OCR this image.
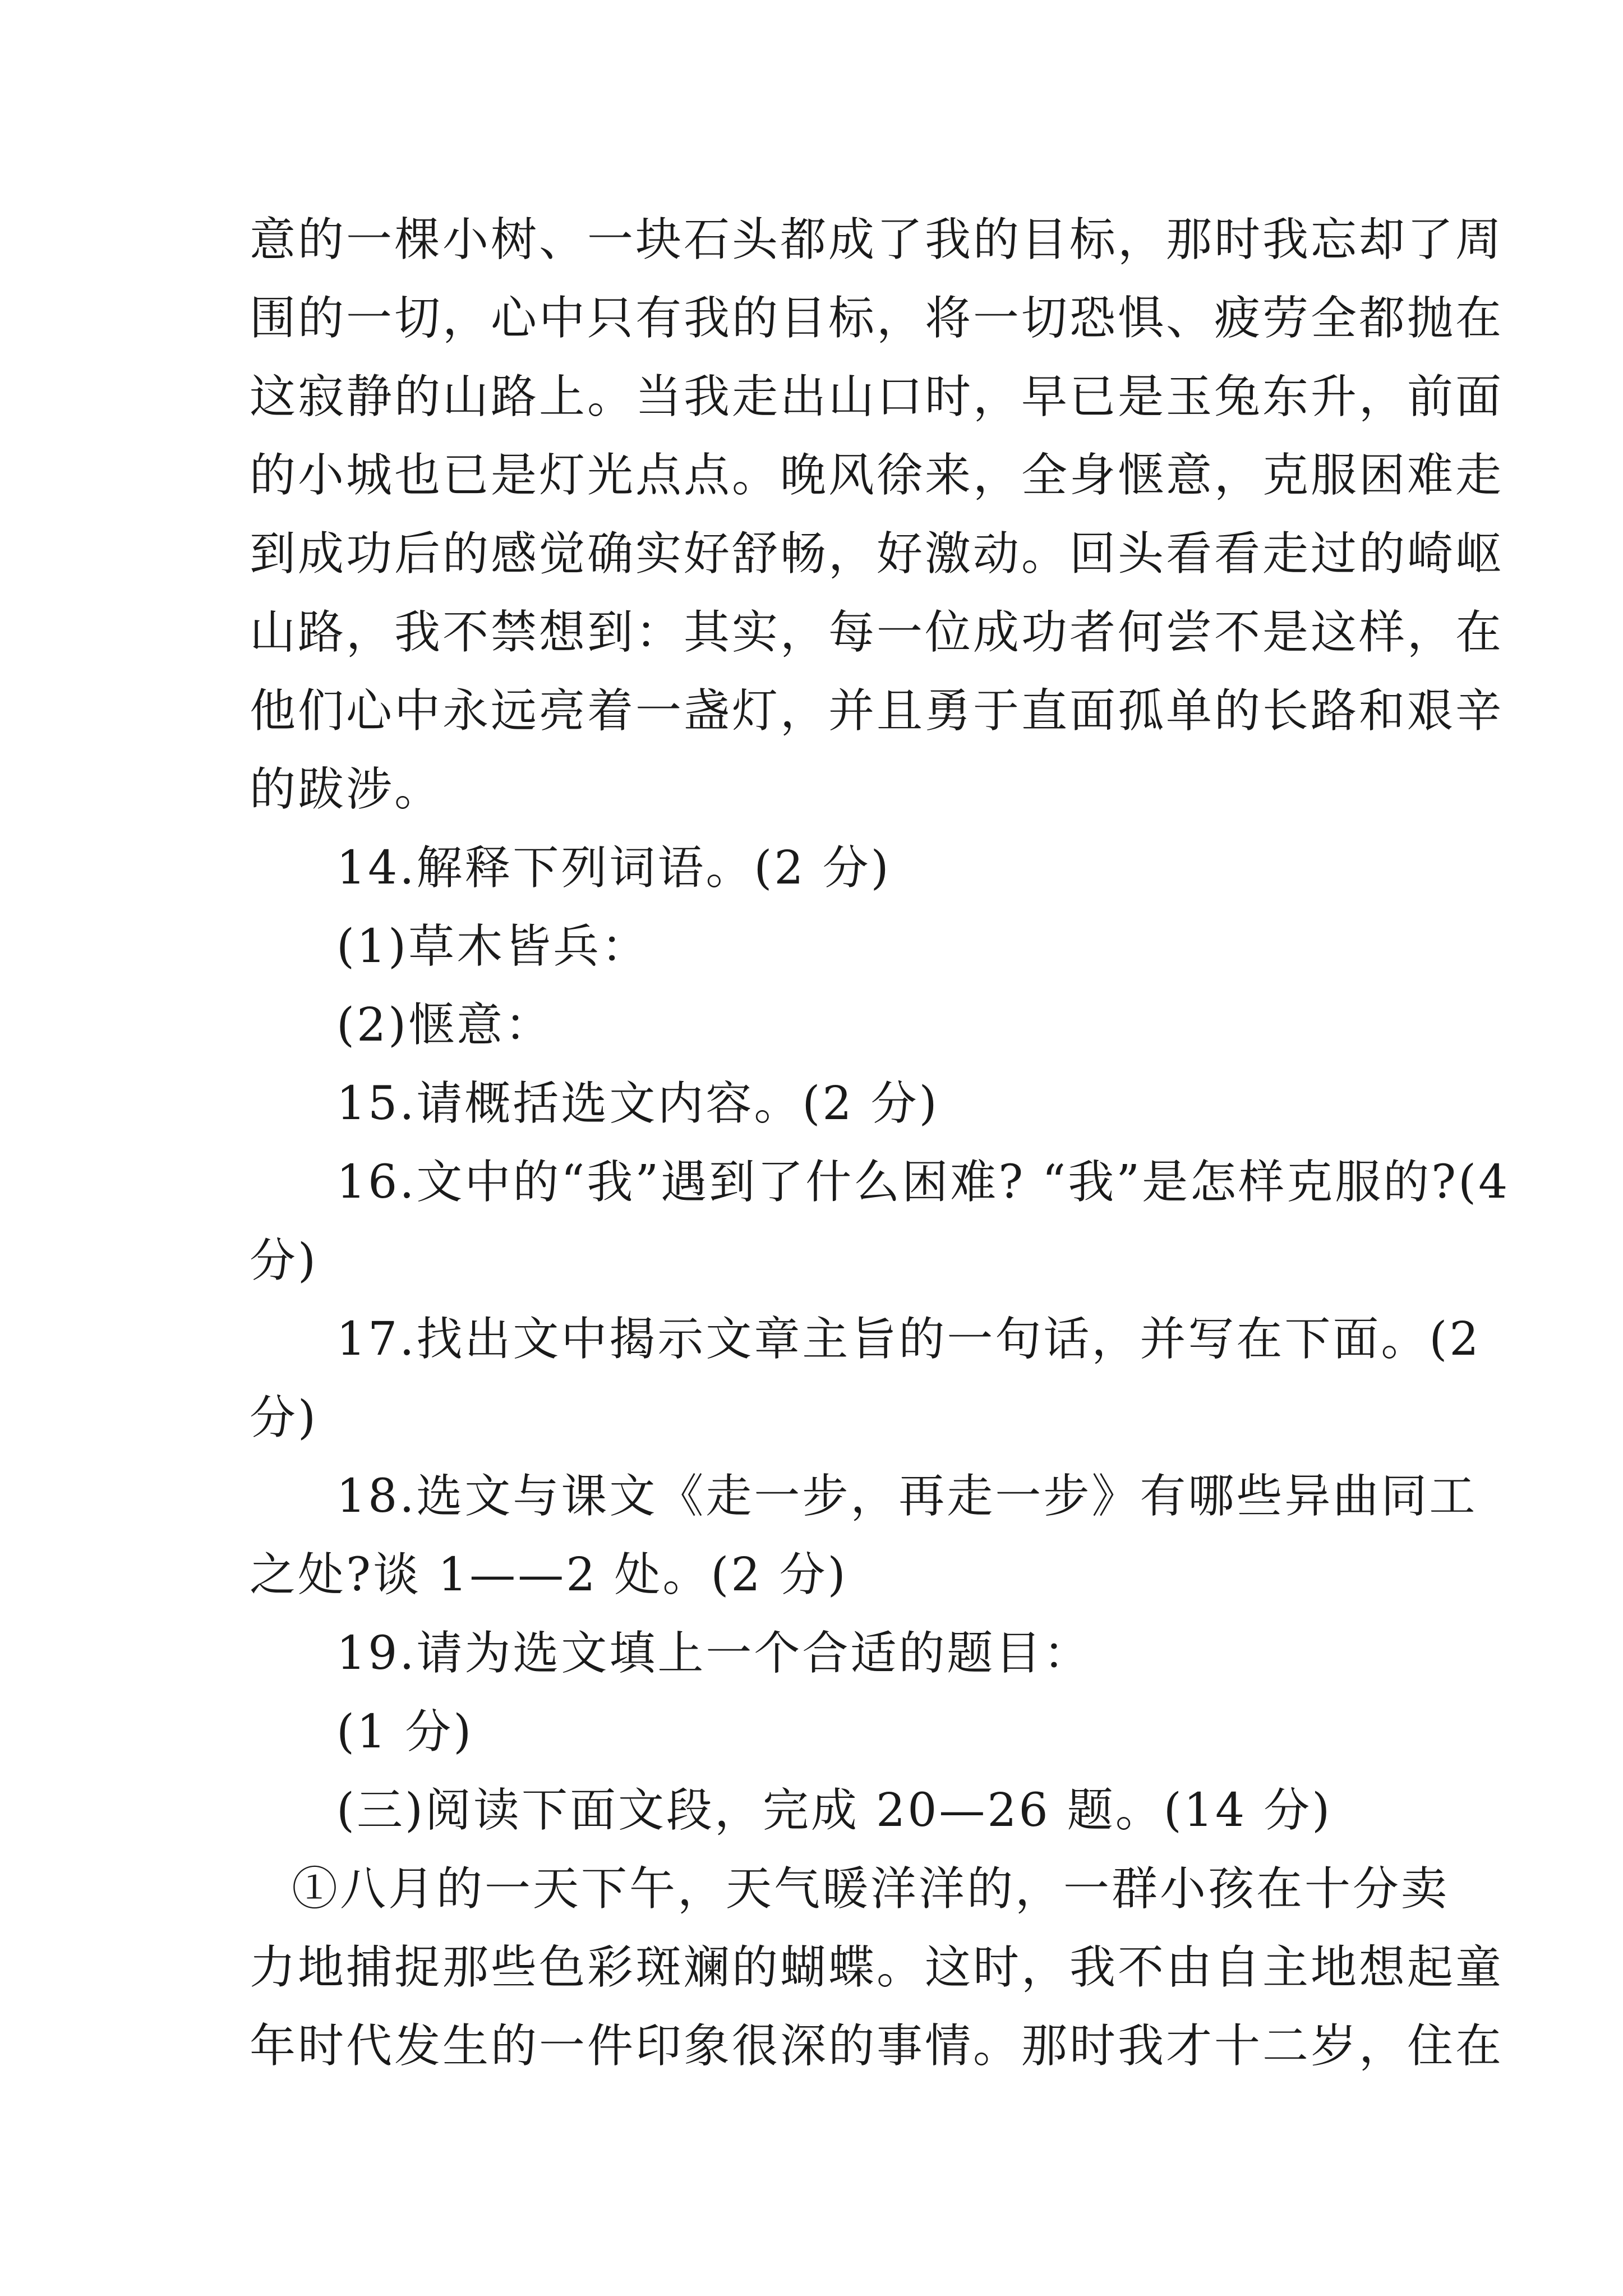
意的一棵小树、一块石头都成了我的目标，那时我忘却了周
围的一切，心中只有我的目标，将一切恐惧、疲劳全都抛在
这寂静的山路上。当我走出山口时，早已是玉兔东升，前面
的小城也已是灯光点点。晚风徐来，全身惬意，克服困难走
到成功后的感觉确实好舒畅，好激动。回头看看走过的崎岖
山路，我不禁想到：其实，每一位成功者何尝不是这样，在
他们心中永远亮着一盏灯，并且勇于直面孤单的长路和艰辛
的跋涉。
14.解释下列词语。(2 分)
(1)草木皆兵：
(2)惬意：
15.请概括选文内容。(2 分)
16.文中的“我”遇到了什么困难? “我”是怎样克服的?(4
分)
17.找出文中揭示文章主旨的一句话，并写在下面。(2
分)
18.选文与课文《走一步，再走一步》有哪些异曲同工
之处?谈 1——2 处。(2 分)
19.请为选文填上一个合适的题目：
(1 分)
(三)阅读下面文段，完成 20—26 题。(14 分)
①八月的一天下午，天气暖洋洋的，一群小孩在十分卖
力地捕捉那些色彩斑斓的蝴蝶。这时，我不由自主地想起童
年时代发生的一件印象很深的事情。那时我才十二岁，住在
